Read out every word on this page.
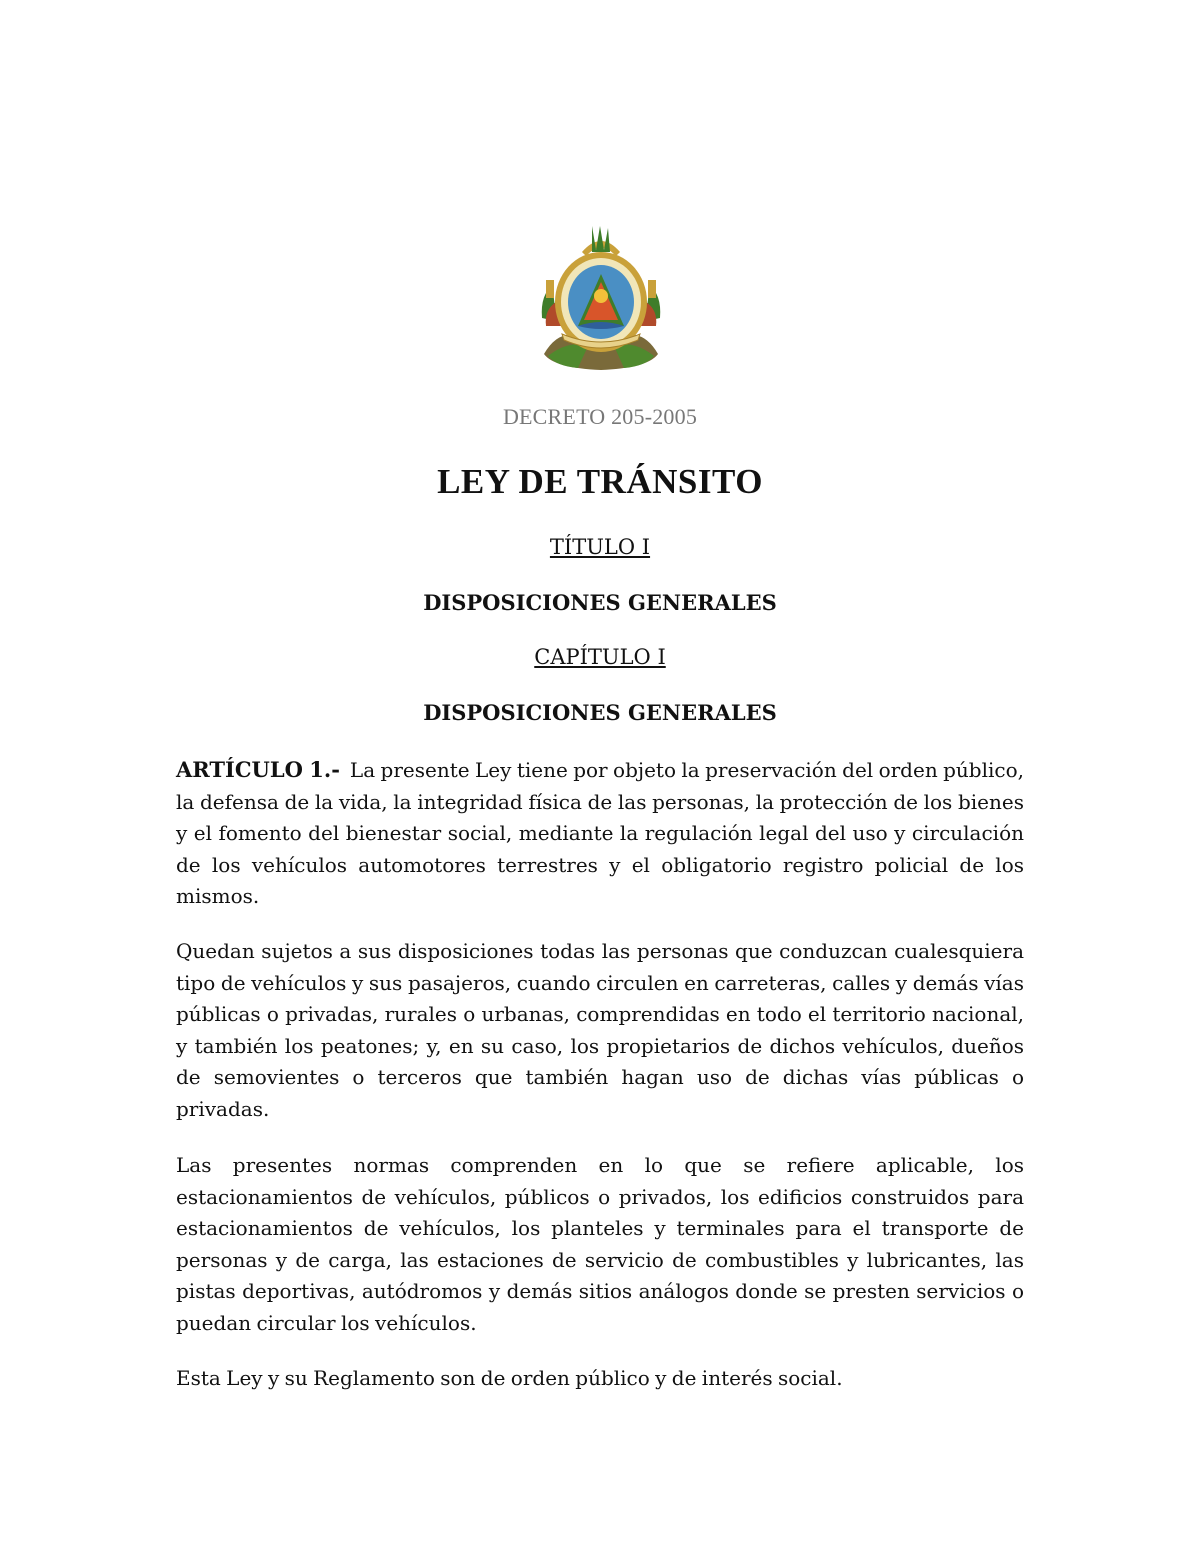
DECRETO 205-2005
LEY DE TRÁNSITO
TÍTULO I
DISPOSICIONES GENERALES
CAPÍTULO I
DISPOSICIONES GENERALES

ARTÍCULO 1.- La presente Ley tiene por objeto la preservación del orden público, la defensa de la vida, la integridad física de las personas, la protección de los bienes y el fomento del bienestar social, mediante la regulación legal del uso y circulación de los vehículos automotores terrestres y el obligatorio registro policial de los mismos.

Quedan sujetos a sus disposiciones todas las personas que conduzcan cualesquiera tipo de vehículos y sus pasajeros, cuando circulen en carreteras, calles y demás vías públicas o privadas, rurales o urbanas, comprendidas en todo el territorio nacional, y también los peatones; y, en su caso, los propietarios de dichos vehículos, dueños de semovientes o terceros que también hagan uso de dichas vías públicas o privadas.

Las presentes normas comprenden en lo que se refiere aplicable, los estacionamientos de vehículos, públicos o privados, los edificios construidos para estacionamientos de vehículos, los planteles y terminales para el transporte de personas y de carga, las estaciones de servicio de combustibles y lubricantes, las pistas deportivas, autódromos y demás sitios análogos donde se presten servicios o puedan circular los vehículos.

Esta Ley y su Reglamento son de orden público y de interés social.
